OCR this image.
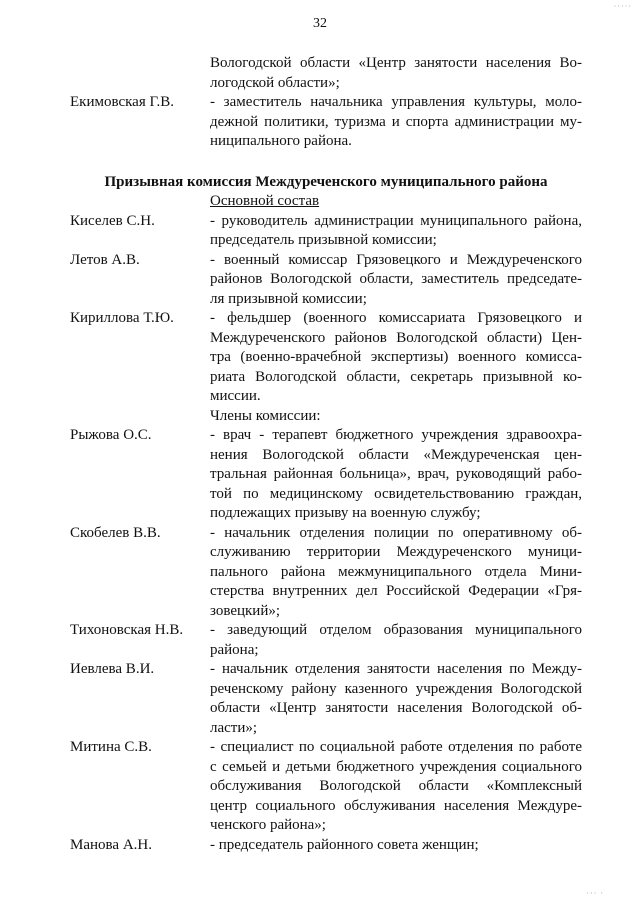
32
·····
··· ·
Вологодской области «Центр занятости населения Во-
логодской области»;
Екимовская Г.В.	- заместитель начальника управления культуры, моло-
дежной политики, туризма и спорта администрации му-
ниципального района.
Призывная комиссия Междуреченского муниципального района
Основной состав
Киселев С.Н.	- руководитель администрации муниципального района,
председатель призывной комиссии;
Летов А.В.	- военный комиссар Грязовецкого и Междуреченского
районов Вологодской области, заместитель председате-
ля призывной комиссии;
Кириллова Т.Ю.	- фельдшер (военного комиссариата Грязовецкого и
Междуреченского районов Вологодской области) Цен-
тра (военно-врачебной экспертизы) военного комисса-
риата Вологодской области, секретарь призывной ко-
миссии.
Члены комиссии:
Рыжова О.С.	- врач - терапевт бюджетного учреждения здравоохра-
нения Вологодской области «Междуреченская цен-
тральная районная больница», врач, руководящий рабо-
той по медицинскому освидетельствованию граждан,
подлежащих призыву на военную службу;
Скобелев В.В.	- начальник отделения полиции по оперативному об-
служиванию территории Междуреченского муници-
пального района межмуниципального отдела Мини-
стерства внутренних дел Российской Федерации «Гря-
зовецкий»;
Тихоновская Н.В.	- заведующий отделом образования муниципального
района;
Иевлева В.И.	- начальник отделения занятости населения по Между-
реченскому району казенного учреждения Вологодской
области «Центр занятости населения Вологодской об-
ласти»;
Митина С.В.	- специалист по социальной работе отделения по работе
с семьей и детьми бюджетного учреждения социального
обслуживания Вологодской области «Комплексный
центр социального обслуживания населения Междуре-
ченского района»;
Манова А.Н.	- председатель районного совета женщин;
